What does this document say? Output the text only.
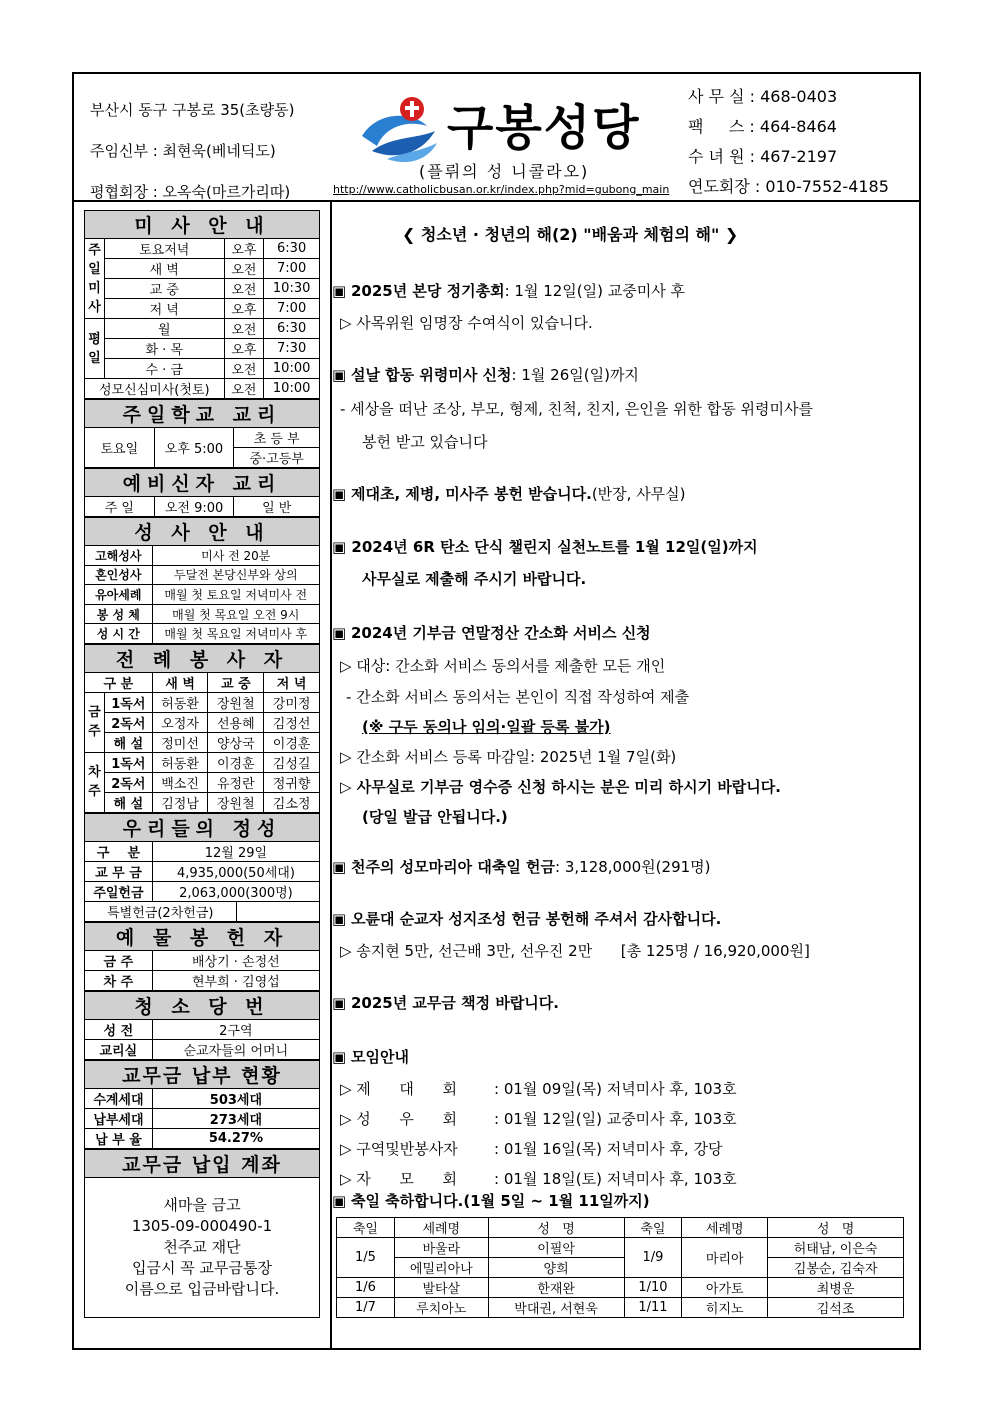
부산시 동구 구봉로 35(초량동)
주임신부 : 최현욱(베네딕도)
평협회장 : 오옥숙(마르가리따)
구봉성당
(플뤼의 성 니콜라오)
http://www.catholicbusan.or.kr/index.php?mid=gubong_main
사 무 실 : 468-0403
팩     스 : 464-8464
수 녀 원 : 467-2197
연도회장 : 010-7552-4185
미 사 안 내			
주
일
미
사	토요저녁	오후	6:30
	새 벽	오전	7:00
	교 중	오전	10:30
	저 녁	오후	7:00
평
일	월	오전	6:30
	화 · 목	오후	7:30
	수 · 금	오전	10:00
성모신심미사(첫토)		오전	10:00
주일학교 교리
토요일	오후 5:00	초 등 부
중·고등부
예비신자 교리
주 일	오전 9:00	일 반
성 사 안 내	
고해성사	미사 전 20분
혼인성사	두달전 본당신부와 상의
유아세례	매월 첫 토요일 저녁미사 전
봉 성 체	매월 첫 목요일 오전 9시
성 시 간	매월 첫 목요일 저녁미사 후
전 례 봉 사 자				
구 분		새 벽	교 중	저 녁
금
주	1독서	허동환	장원철	강미정
	2독서	오정자	선용혜	김정선
	해 설	정미선	양상국	이경훈
차
주	1독서	허동환	이경훈	김성길
	2독서	백소진	유정란	정귀향
	해 설	김정남	장원철	김소정
우리들의 정성		
구    분	12월 29일	
교 무 금	4,935,000(50세대)	
주일헌금	2,063,000(300명)	
특별헌금(2차헌금)		
예 물 봉 헌 자	
금 주	배상기 · 손정선
차 주	현부희 · 김영섭
청 소 당 번	
성 전	2구역
교리실	순교자들의 어머니
교무금 납부 현황	
수계세대	503세대
납부세대	273세대
납 부 율	54.27%
교무금 납입 계좌

새마을 금고
1305-09-000490-1
천주교 재단
입금시 꼭 교무금통장
이름으로 입금바랍니다.
❮ 청소년 · 청년의 해(2) "배움과 체험의 해" ❯
▣ 2025년 본당 정기총회: 1월 12일(일) 교중미사 후
▷ 사목위원 임명장 수여식이 있습니다.
▣ 설날 합동 위령미사 신청: 1월 26일(일)까지
- 세상을 떠난 조상, 부모, 형제, 친척, 친지, 은인을 위한 합동 위령미사를
봉헌 받고 있습니다
▣ 제대초, 제병, 미사주 봉헌 받습니다.(반장, 사무실)
▣ 2024년 6R 탄소 단식 챌린지 실천노트를 1월 12일(일)까지
사무실로 제출해 주시기 바랍니다.
▣ 2024년 기부금 연말정산 간소화 서비스 신청
▷ 대상: 간소화 서비스 동의서를 제출한 모든 개인
- 간소화 서비스 동의서는 본인이 직접 작성하여 제출
(※ 구두 동의나 임의·일괄 등록 불가)
▷ 간소화 서비스 등록 마감일: 2025년 1월 7일(화)
▷ 사무실로 기부금 영수증 신청 하시는 분은 미리 하시기 바랍니다.
(당일 발급 안됩니다.)
▣ 천주의 성모마리아 대축일 헌금: 3,128,000원(291명)
▣ 오륜대 순교자 성지조성 헌금 봉헌해 주셔서 감사합니다.
▷ 송지현 5만, 선근배 3만, 선우진 2만      [총 125명 / 16,920,000원]
▣ 2025년 교무금 책정 바랍니다.
▣ 모임안내
▷ 제      대      회 : 01월 09일(목) 저녁미사 후, 103호
▷ 성      우      회 : 01월 12일(일) 교중미사 후, 103호
▷ 구역및반봉사자 : 01월 16일(목) 저녁미사 후, 강당
▷ 자      모      회 : 01월 18일(토) 저녁미사 후, 103호
▣ 축일 축하합니다.(1월 5일 ~ 1월 11일까지)
축일	세례명	성   명	축일	세례명	성   명
1/5	바울라	이필악	1/9	마리아	허태남, 이은숙
	에밀리아나	양희			김봉순, 김숙자
1/6	발타살	한재완	1/10	아가토	최병운
1/7	루치아노	박대권, 서현욱	1/11	히지노	김석조
